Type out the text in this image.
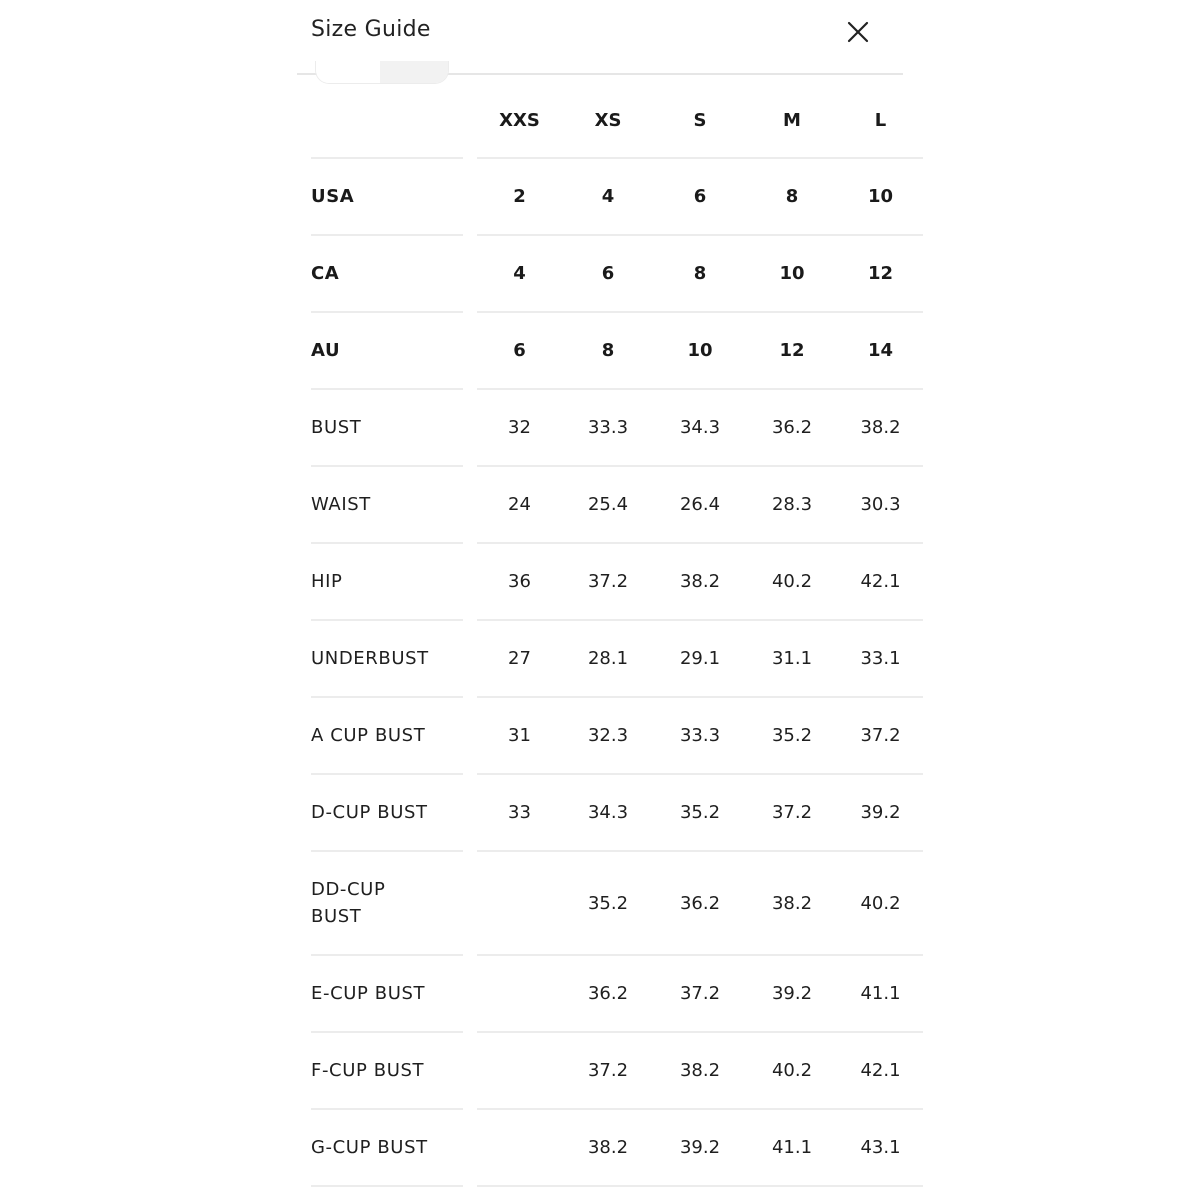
Size Guide
		XXS	XS	S	M	L
USA		2	4	6	8	10
CA		4	6	8	10	12
AU		6	8	10	12	14
BUST		32	33.3	34.3	36.2	38.2
WAIST		24	25.4	26.4	28.3	30.3
HIP		36	37.2	38.2	40.2	42.1
UNDERBUST		27	28.1	29.1	31.1	33.1
A CUP BUST		31	32.3	33.3	35.2	37.2
D-CUP BUST		33	34.3	35.2	37.2	39.2
DD-CUP BUST			35.2	36.2	38.2	40.2
E-CUP BUST			36.2	37.2	39.2	41.1
F-CUP BUST			37.2	38.2	40.2	42.1
G-CUP BUST			38.2	39.2	41.1	43.1
